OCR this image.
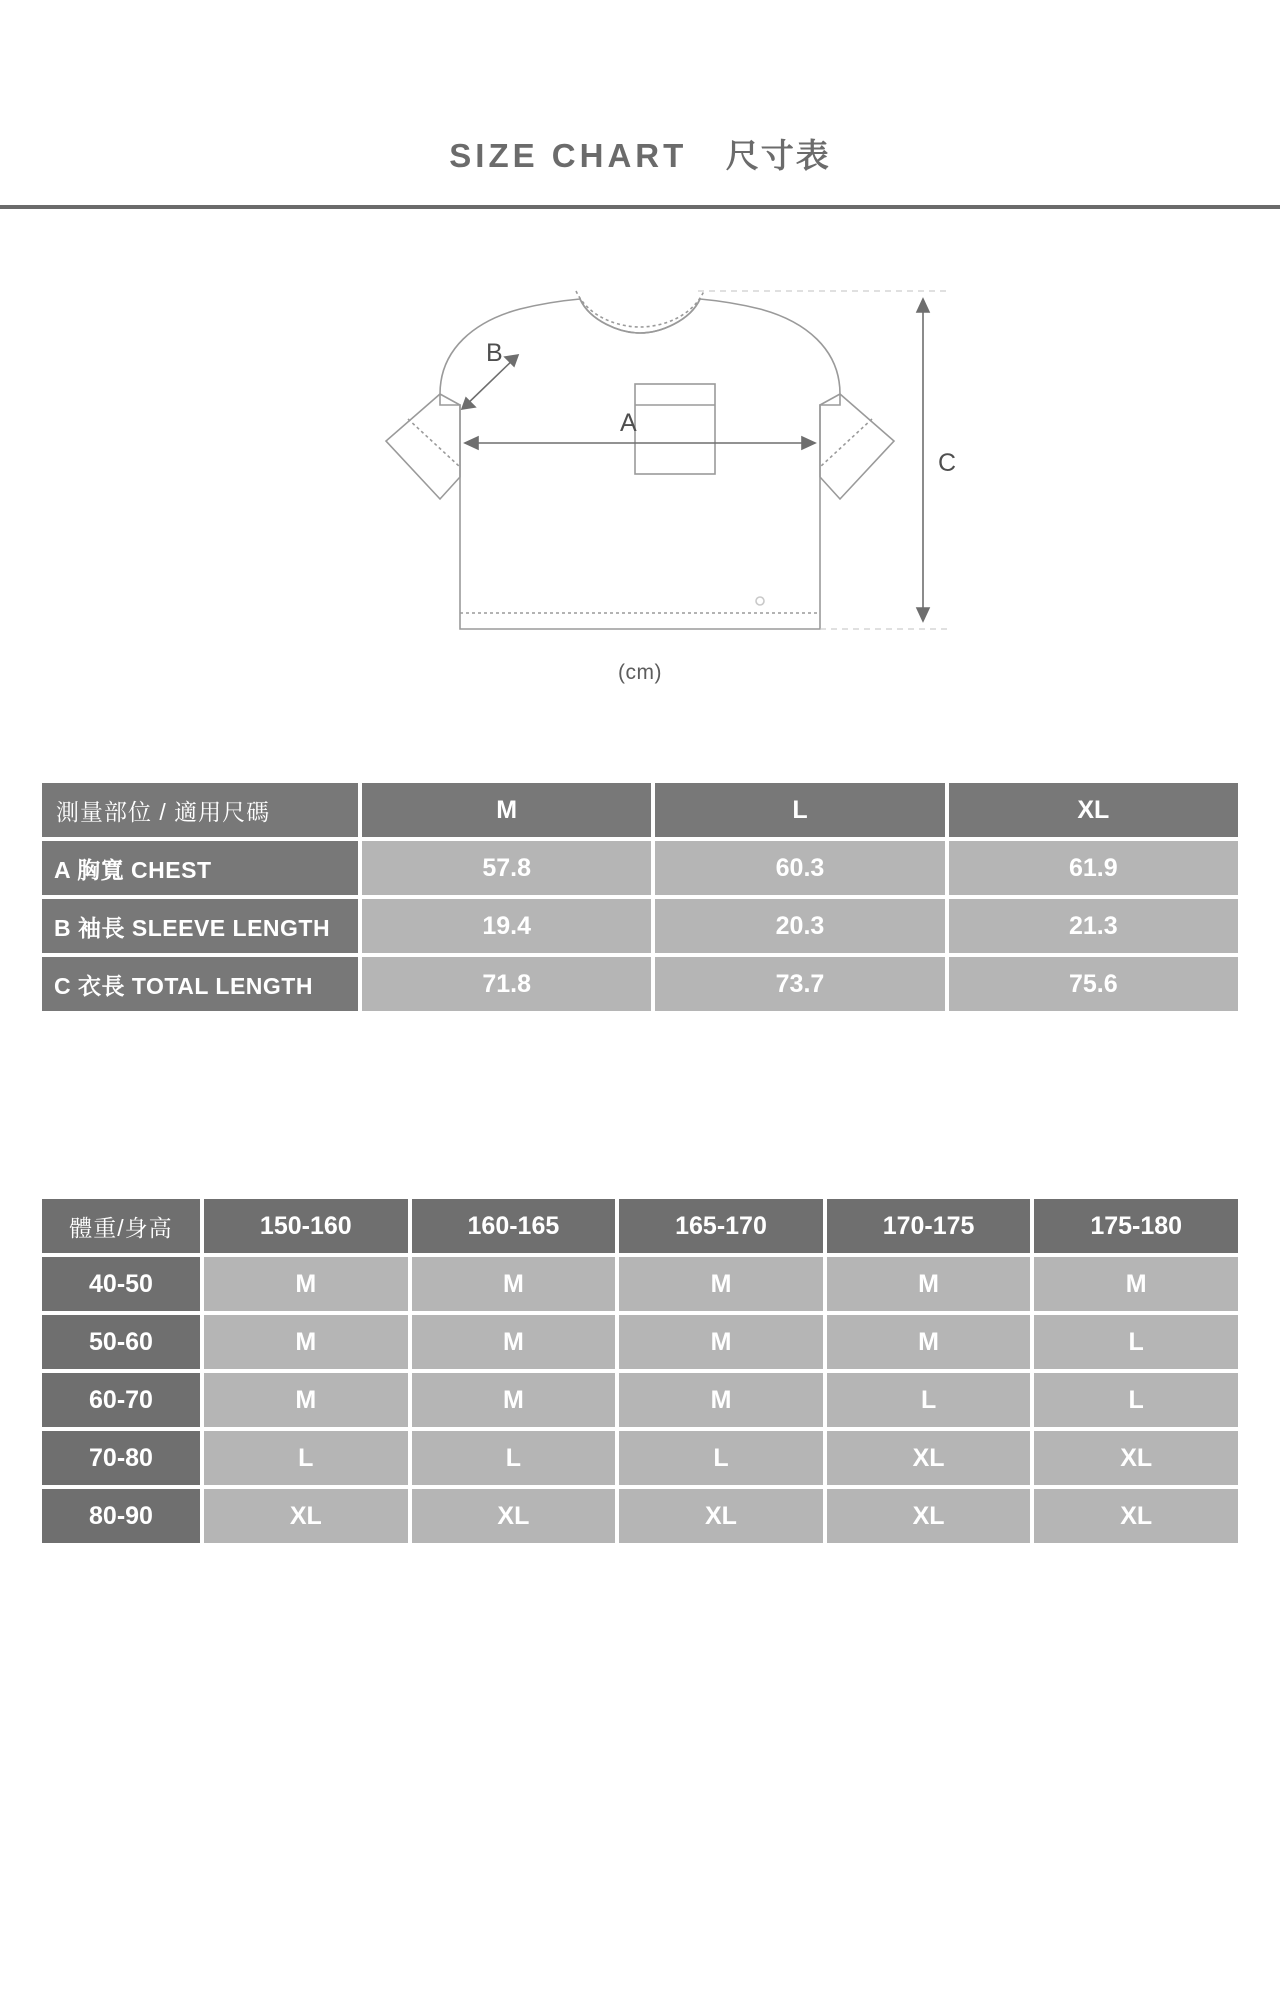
SIZE CHART 尺寸表
A
B
C
(cm)
測量部位 / 適用尺碼	M	L	XL
A 胸寬 CHEST	57.8	60.3	61.9
B 袖長 SLEEVE LENGTH	19.4	20.3	21.3
C 衣長 TOTAL LENGTH	71.8	73.7	75.6
體重/身高	150-160	160-165	165-170	170-175	175-180
40-50	M	M	M	M	M
50-60	M	M	M	M	L
60-70	M	M	M	L	L
70-80	L	L	L	XL	XL
80-90	XL	XL	XL	XL	XL
